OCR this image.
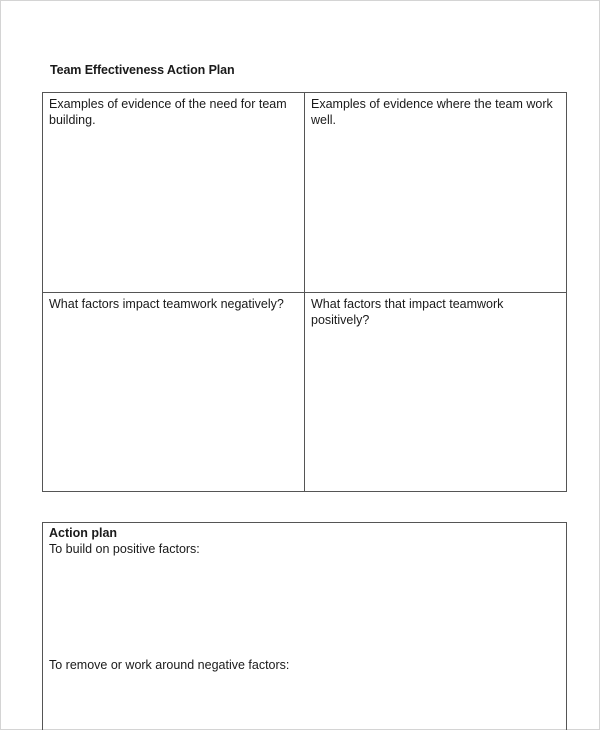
Team Effectiveness Action Plan
Examples of evidence of the need for team building.	Examples of evidence where the team work well.
What factors impact teamwork negatively?	What factors that impact teamwork positively?
Action plan
To build on positive factors:
To remove or work around negative factors:
